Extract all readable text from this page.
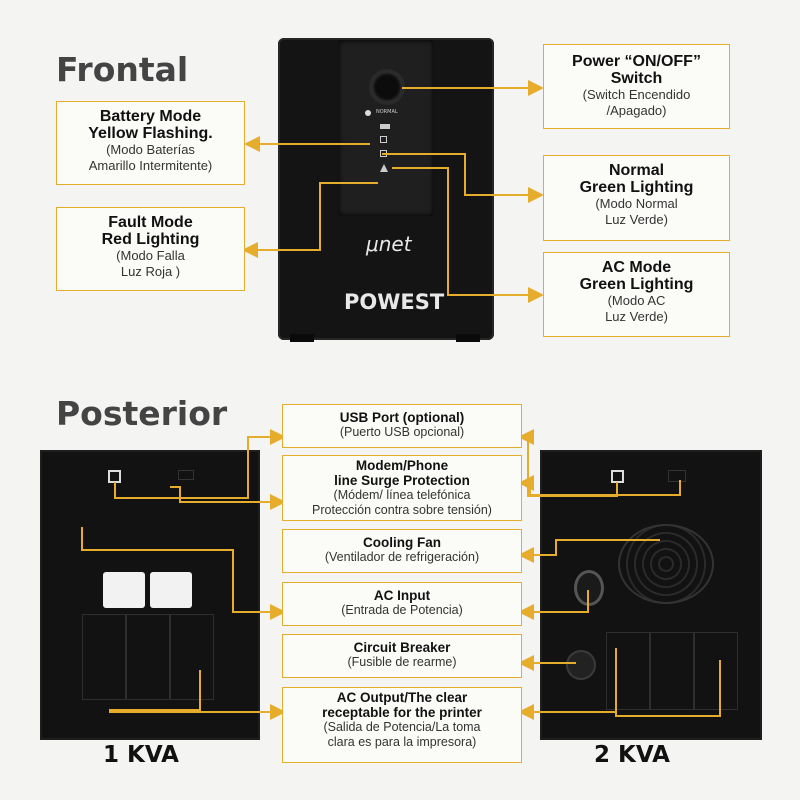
Frontal
Posterior
NORMAL
μnet
POWEST
1 KVA	2 KVA
Battery Mode
Yellow Flashing.
(Modo Baterías
Amarillo Intermitente)
Fault Mode
Red Lighting
(Modo Falla
Luz Roja )
Power “ON/OFF”
Switch
(Switch Encendido
/Apagado)
Normal
Green Lighting
(Modo Normal
Luz Verde)
AC Mode
Green Lighting
(Modo AC
Luz Verde)
USB Port (optional)
(Puerto USB opcional)
Modem/Phone
line Surge Protection
(Módem/ línea telefónica
Protección contra sobre tensión)
Cooling Fan
(Ventilador de refrigeración)
AC Input
(Entrada de Potencia)
Circuit Breaker
(Fusible de rearme)
AC Output/The clear
receptable for the printer
(Salida de Potencia/La toma
clara es para la impresora)
